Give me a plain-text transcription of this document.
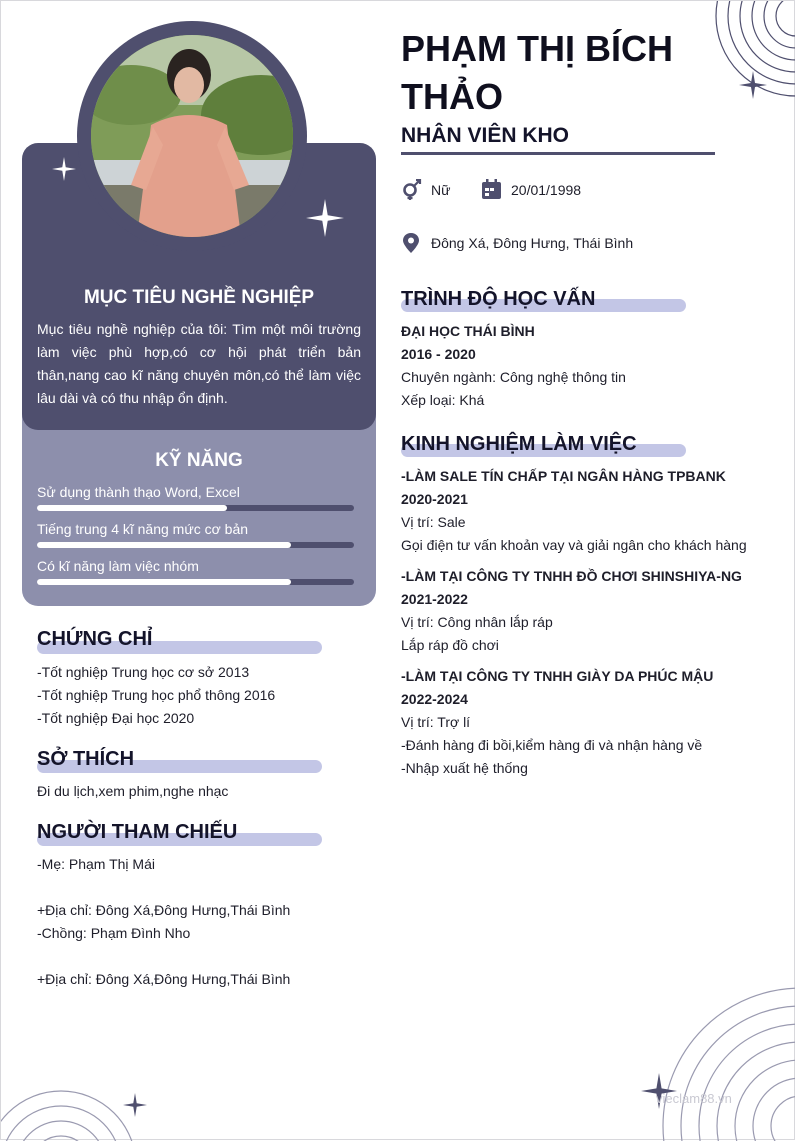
MỤC TIÊU NGHỀ NGHIỆP
Mục tiêu nghề nghiệp của tôi: Tìm một môi trường làm việc phù hợp,có cơ hội phát triển bản thân,nang cao kĩ năng chuyên môn,có thể làm việc lâu dài và có thu nhập ổn định.
KỸ NĂNG
Sử dụng thành thạo Word, Excel
Tiếng trung 4 kĩ năng mức cơ bản
Có kĩ năng làm việc nhóm
CHỨNG CHỈ
-Tốt nghiệp Trung học cơ sở 2013
-Tốt nghiệp Trung học phổ thông 2016
-Tốt nghiệp Đại học 2020
SỞ THÍCH
Đi du lịch,xem phim,nghe nhạc
NGƯỜI THAM CHIẾU
-Mẹ: Phạm Thị Mái
+Địa chỉ: Đông Xá,Đông Hưng,Thái Bình
-Chồng: Phạm Đình Nho
+Địa chỉ: Đông Xá,Đông Hưng,Thái Bình
PHẠM THỊ BÍCH THẢO
NHÂN VIÊN KHO
Nữ	20/01/1998
Đông Xá, Đông Hưng, Thái Bình
TRÌNH ĐỘ HỌC VẤN
ĐẠI HỌC THÁI BÌNH
2016 - 2020
Chuyên ngành: Công nghệ thông tin
Xếp loại: Khá
KINH NGHIỆM LÀM VIỆC
-LÀM SALE TÍN CHẤP TẠI NGÂN HÀNG TPBANK
2020-2021
Vị trí: Sale
Gọi điện tư vấn khoản vay và giải ngân cho khách hàng
-LÀM TẠI CÔNG TY TNHH ĐỒ CHƠI SHINSHIYA-NG
2021-2022
Vị trí: Công nhân lắp ráp
Lắp ráp đồ chơi
-LÀM TẠI CÔNG TY TNHH GIÀY DA PHÚC MẬU
2022-2024
Vị trí: Trợ lí
-Đánh hàng đi bồi,kiểm hàng đi và nhận hàng về
-Nhập xuất hệ thống
vieclam88.vn
